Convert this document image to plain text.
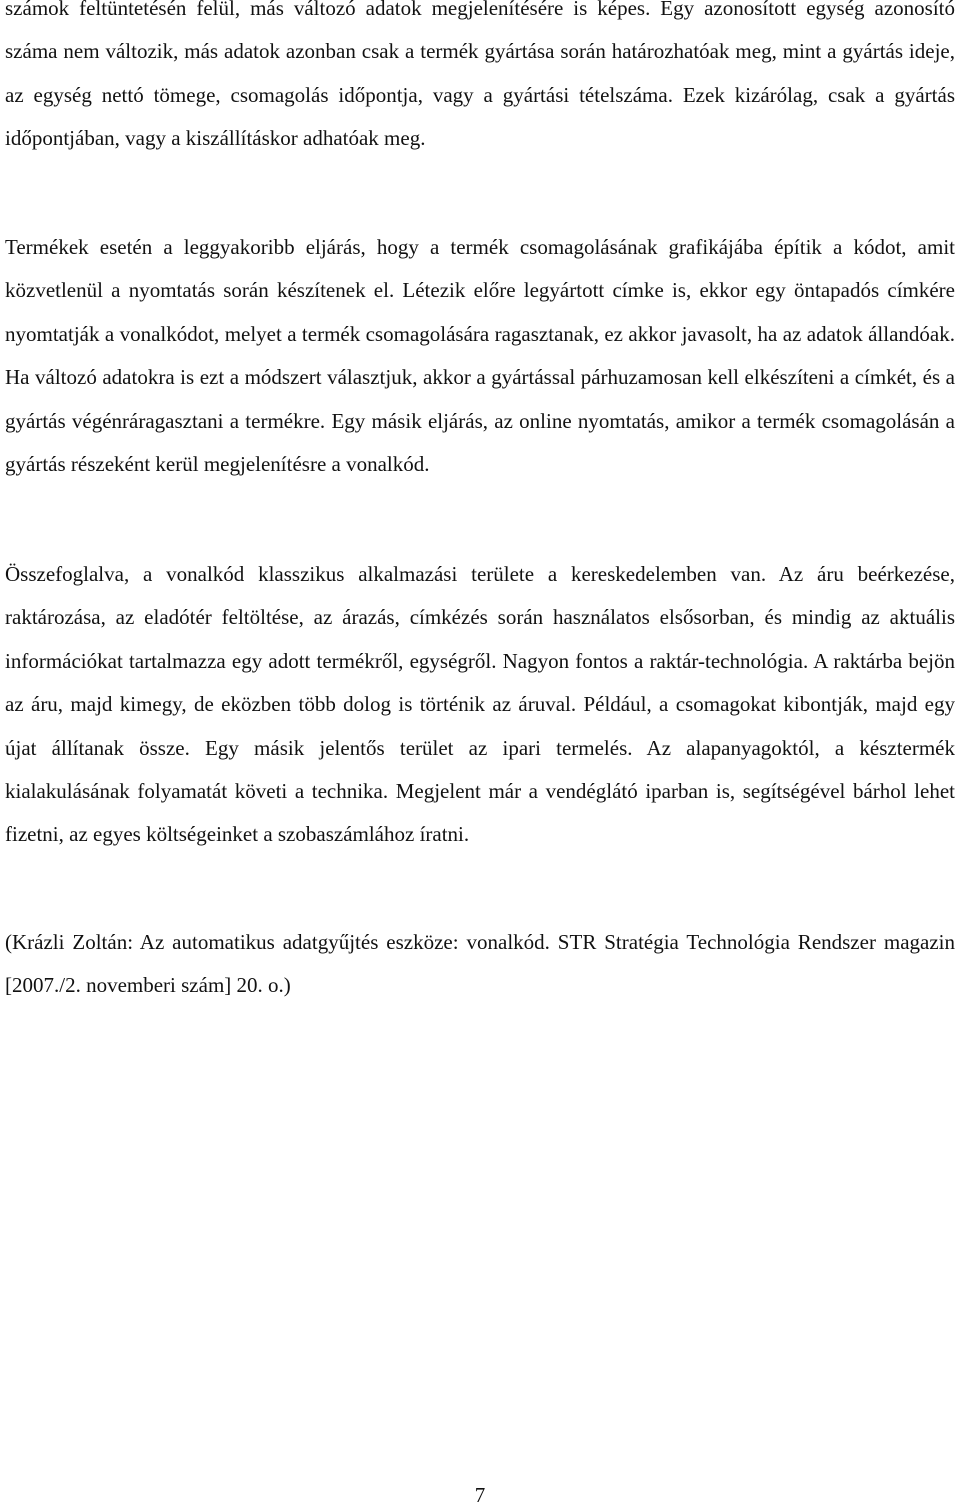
számok feltüntetésén felül, más változó adatok megjelenítésére is képes. Egy azonosított egység azonosító száma nem változik, más adatok azonban csak a termék gyártása során határozhatóak meg, mint a gyártás ideje, az egység nettó tömege, csomagolás időpontja, vagy a gyártási tételszáma. Ezek kizárólag, csak a gyártás időpontjában, vagy a kiszállításkor adhatóak meg.

Termékek esetén a leggyakoribb eljárás, hogy a termék csomagolásának grafikájába építik a kódot, amit közvetlenül a nyomtatás során készítenek el. Létezik előre legyártott címke is, ekkor egy öntapadós címkére nyomtatják a vonalkódot, melyet a termék csomagolására ragasztanak, ez akkor javasolt, ha az adatok állandóak. Ha változó adatokra is ezt a módszert választjuk, akkor a gyártással párhuzamosan kell elkészíteni a címkét, és a gyártás végénráragasztani a termékre. Egy másik eljárás, az online nyomtatás, amikor a termék csomagolásán a gyártás részeként kerül megjelenítésre a vonalkód.

Összefoglalva, a vonalkód klasszikus alkalmazási területe a kereskedelemben van. Az áru beérkezése, raktározása, az eladótér feltöltése, az árazás, címkézés során használatos elsősorban, és mindig az aktuális információkat tartalmazza egy adott termékről, egységről. Nagyon fontos a raktár-technológia. A raktárba bejön az áru, majd kimegy, de eközben több dolog is történik az áruval. Például, a csomagokat kibontják, majd egy újat állítanak össze. Egy másik jelentős terület az ipari termelés. Az alapanyagoktól, a késztermék kialakulásának folyamatát követi a technika. Megjelent már a vendéglátó iparban is, segítségével bárhol lehet fizetni, az egyes költségeinket a szobaszámlához íratni.

(Krázli Zoltán: Az automatikus adatgyűjtés eszköze: vonalkód. STR Stratégia Technológia Rendszer magazin [2007./2. novemberi szám] 20. o.)

7
